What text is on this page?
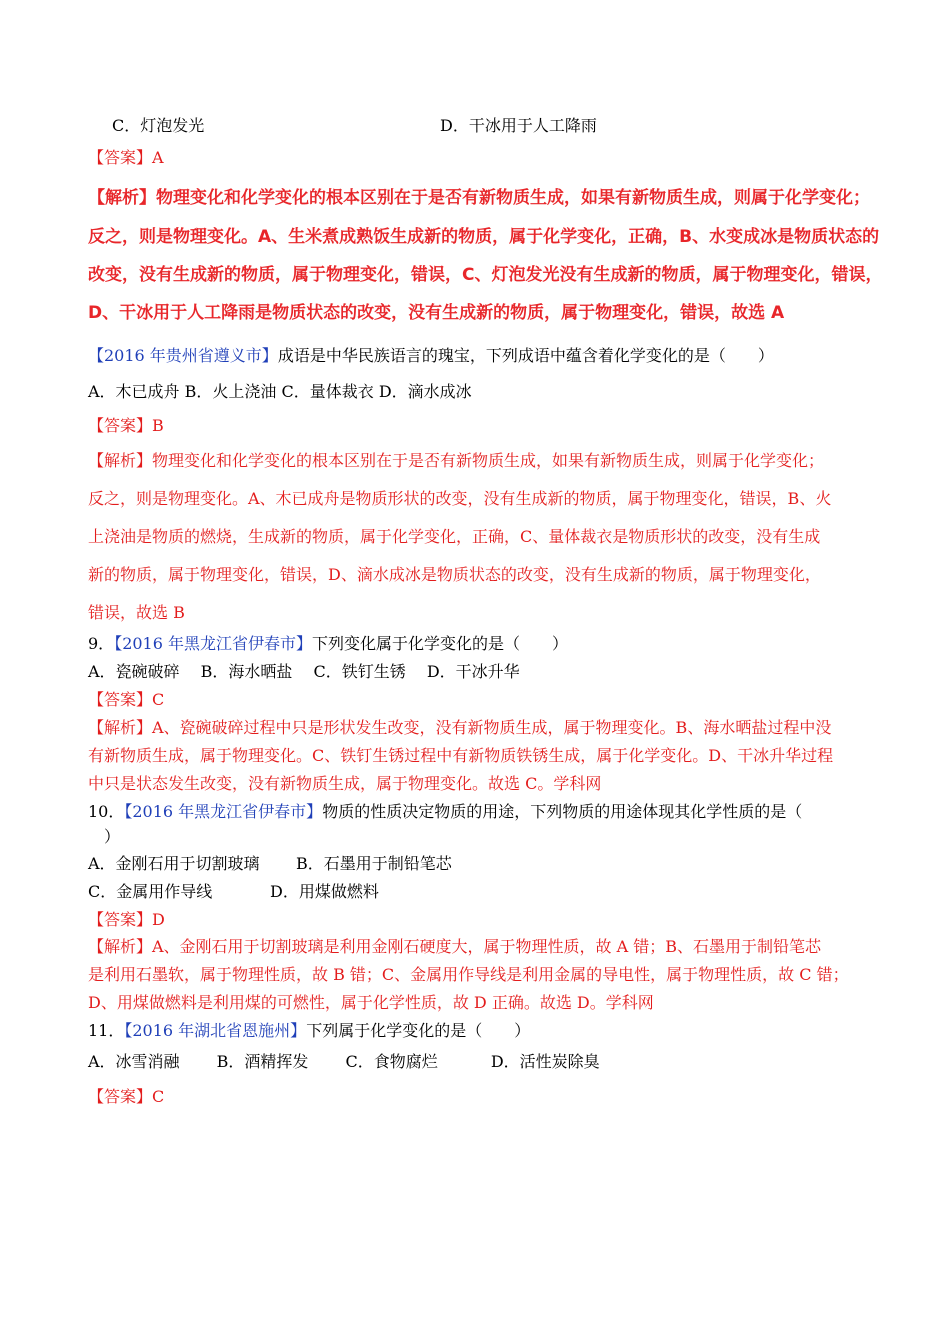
C．灯泡发光	D．干冰用于人工降雨
【答案】A
【解析】物理变化和化学变化的根本区别在于是否有新物质生成，如果有新物质生成，则属于化学变化；
反之，则是物理变化。A、生米煮成熟饭生成新的物质，属于化学变化，正确，B、水变成冰是物质状态的
改变，没有生成新的物质，属于物理变化，错误，C、灯泡发光没有生成新的物质，属于物理变化，错误，
D、干冰用于人工降雨是物质状态的改变，没有生成新的物质，属于物理变化，错误，故选 A
【2016 年贵州省遵义市】成语是中华民族语言的瑰宝，下列成语中蕴含着化学变化的是（　　）
A．木已成舟 B．火上浇油 C．量体裁衣 D．滴水成冰
【答案】B
【解析】物理变化和化学变化的根本区别在于是否有新物质生成，如果有新物质生成，则属于化学变化；
反之，则是物理变化。A、木已成舟是物质形状的改变，没有生成新的物质，属于物理变化，错误，B、火
上浇油是物质的燃烧，生成新的物质，属于化学变化，正确，C、量体裁衣是物质形状的改变，没有生成
新的物质，属于物理变化，错误，D、滴水成冰是物质状态的改变，没有生成新的物质，属于物理变化，
错误，故选 B
9．【2016 年黑龙江省伊春市】下列变化属于化学变化的是（　　）
A．瓷碗破碎　 B．海水晒盐　 C．铁钉生锈　 D．干冰升华
【答案】C
【解析】A、瓷碗破碎过程中只是形状发生改变，没有新物质生成，属于物理变化。B、海水晒盐过程中没
有新物质生成，属于物理变化。C、铁钉生锈过程中有新物质铁锈生成，属于化学变化。D、干冰升华过程
中只是状态发生改变，没有新物质生成，属于物理变化。故选 C。学科网
10．【2016 年黑龙江省伊春市】物质的性质决定物质的用途，下列物质的用途体现其化学性质的是（
）
A．金刚石用于切割玻璃 B．石墨用于制铅笔芯
C．金属用作导线	D．用煤做燃料
【答案】D
【解析】A、金刚石用于切割玻璃是利用金刚石硬度大，属于物理性质，故 A 错；B、石墨用于制铅笔芯
是利用石墨软，属于物理性质，故 B 错；C、金属用作导线是利用金属的导电性，属于物理性质，故 C 错；
D、用煤做燃料是利用煤的可燃性，属于化学性质，故 D 正确。故选 D。学科网
11．【2016 年湖北省恩施州】下列属于化学变化的是（　　）
A．冰雪消融　　 B．酒精挥发　　 C．食物腐烂　　　 D．活性炭除臭
【答案】C
